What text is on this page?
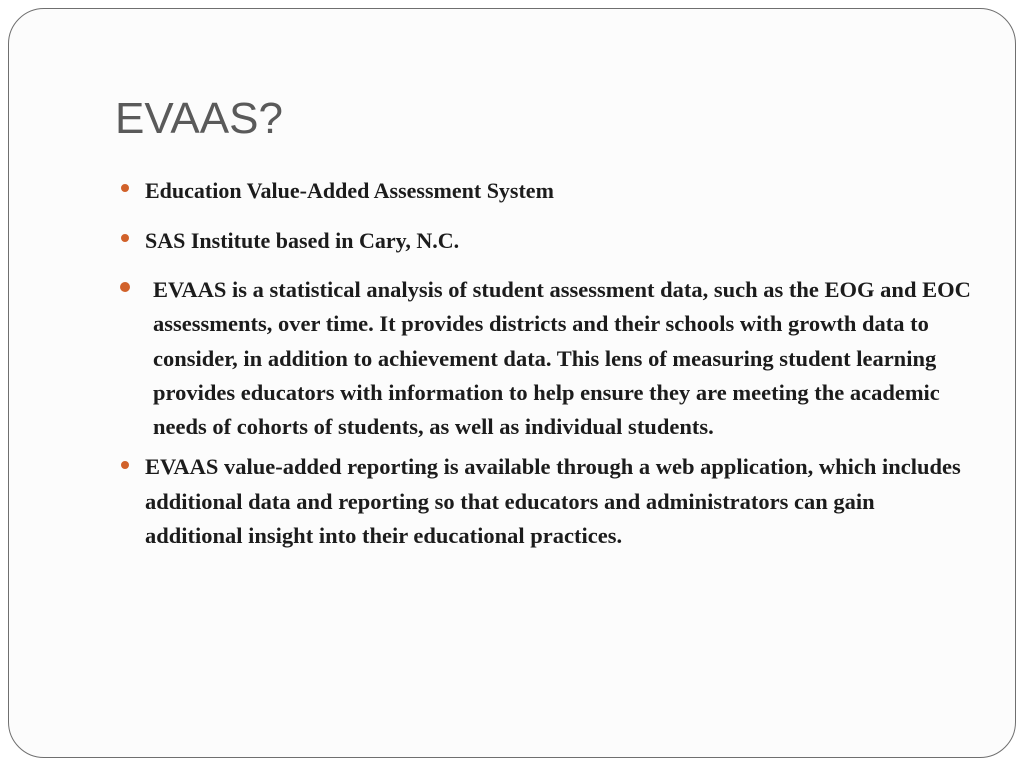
EVAAS?
Education Value-Added Assessment System
SAS Institute based in Cary, N.C.
EVAAS is a statistical analysis of student assessment data, such as the EOG and EOC assessments, over time. It provides districts and their schools with growth data to consider, in addition to achievement data. This lens of measuring student learning provides educators with information to help ensure they are meeting the academic needs of cohorts of students, as well as individual students.
EVAAS value-added reporting is available through a web application, which includes additional data and reporting so that educators and administrators can gain additional insight into their educational practices.
